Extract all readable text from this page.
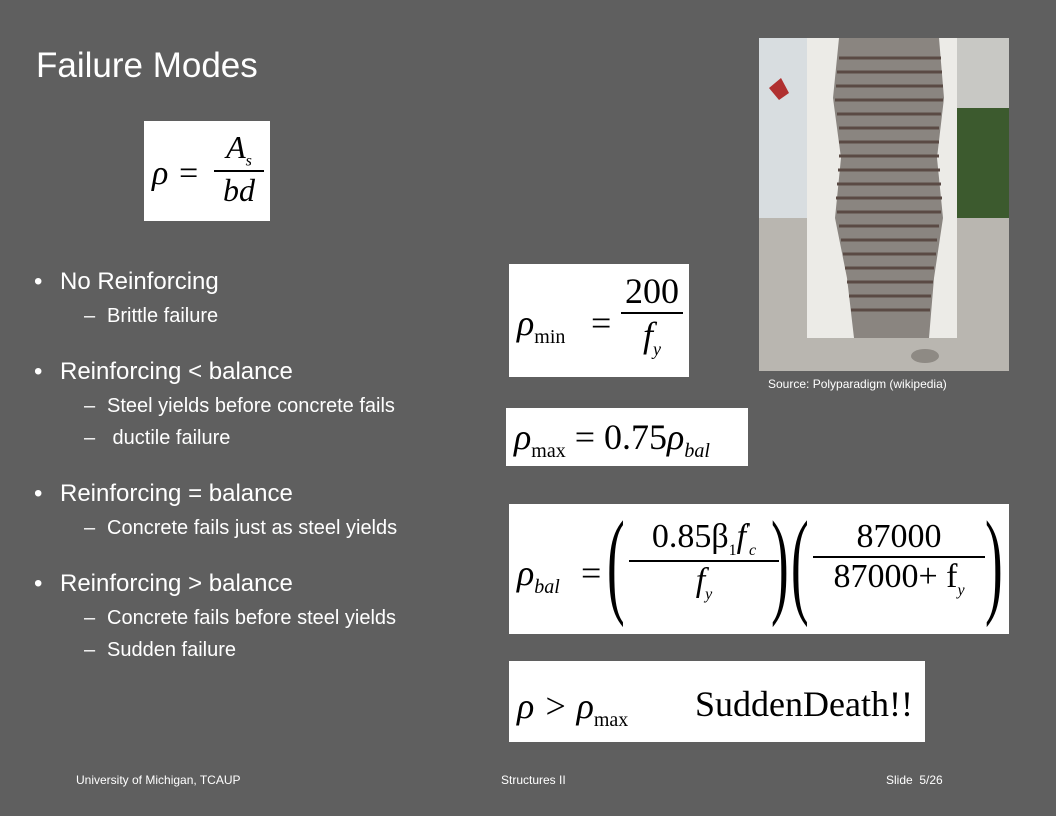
Failure Modes
ρ =
$A_s$
bd

• No Reinforcing

– Brittle failure

• Reinforcing < balance

– Steel yields before concrete fails

– ductile failure

• Reinforcing = balance

– Concrete fails just as steel yields

• Reinforcing > balance

– Concrete fails before steel yields

– Sudden failure

$\rho_{min}$ =
200
$f_y$
$\rho_{max} = 0.75\rho_{bal}$
$\rho_{bal}$ = ( $0.85\beta_1f'_c$
$f_y$ ) (	87000
$87000+ f_y$ )
$\rho > \rho_{max}$ SuddenDeath!!
Source: Polyparadigm (wikipedia)
University of Michigan, TCAUP	Structures II	Slide  5/26
